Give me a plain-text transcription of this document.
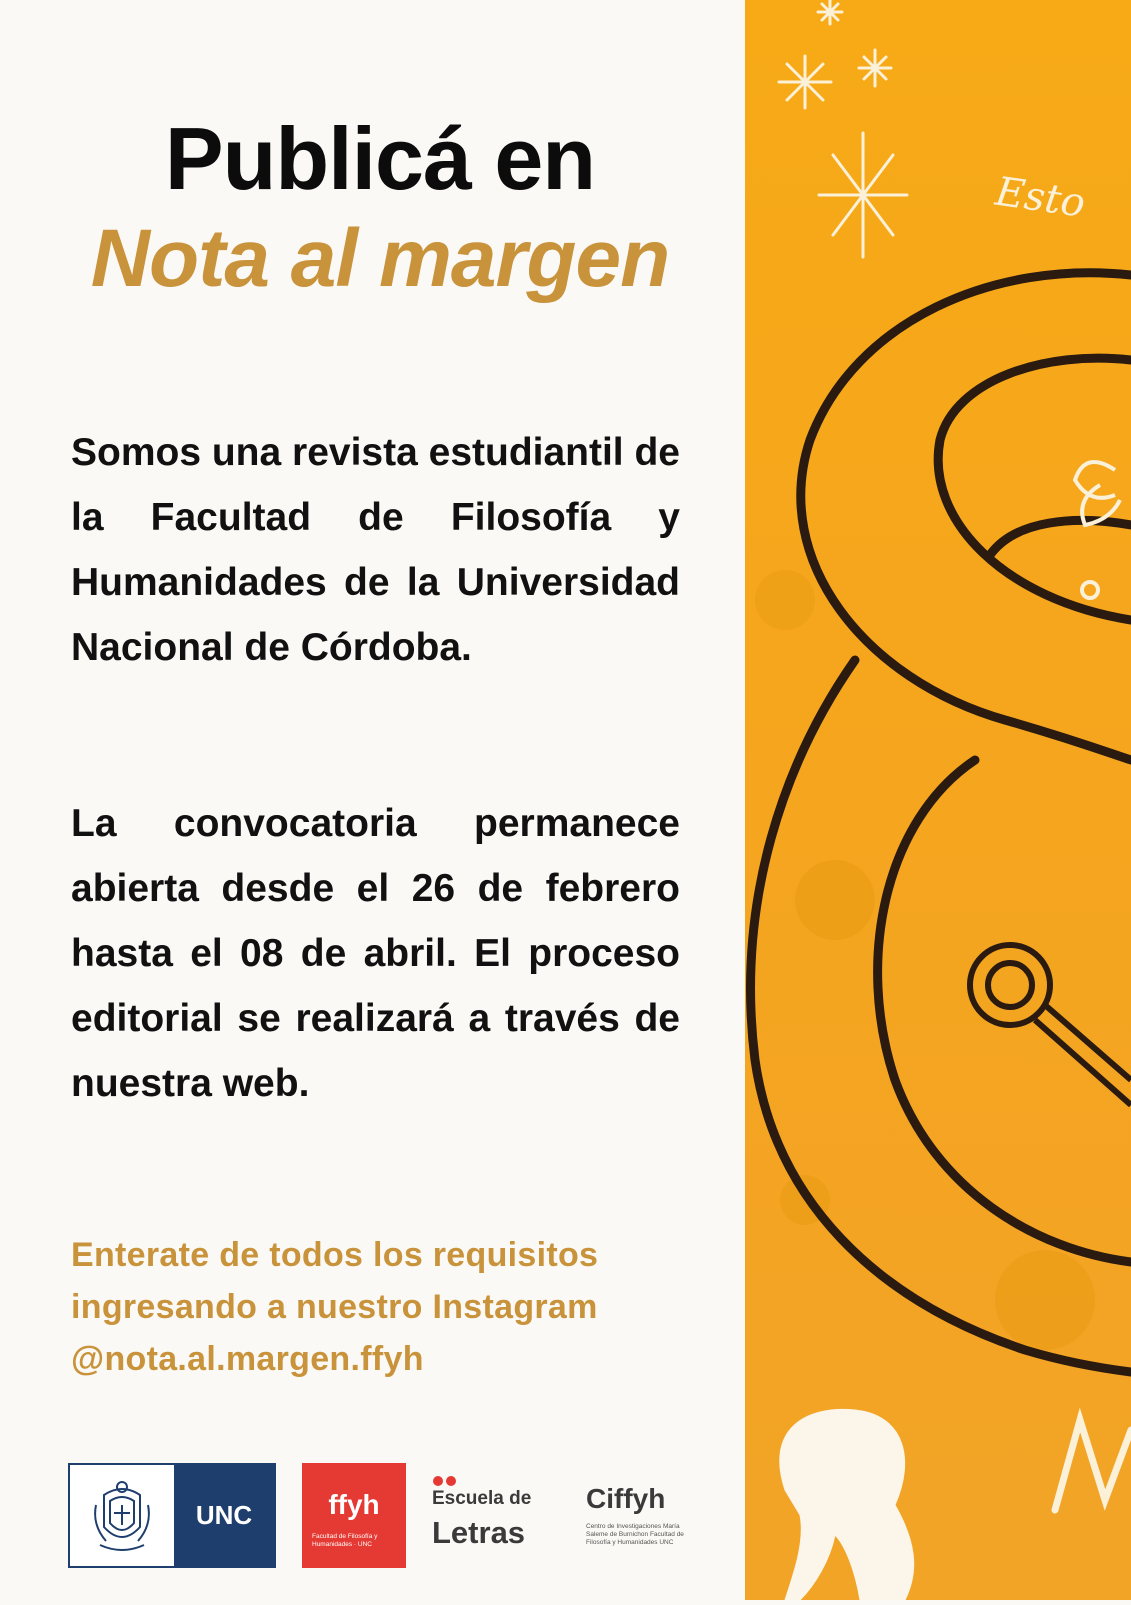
Publicá en
Nota al margen
Somos una revista estudiantil de la Facultad de Filosofía y Humanidades de la Universidad Nacional de Córdoba.
La convocatoria permanece abierta desde el 26 de febrero hasta el 08 de abril. El proceso editorial se realizará a través de nuestra web.
Enterate de todos los requisitos
ingresando a nuestro Instagram
@nota.al.margen.ffyh
UNC	ffyh
Facultad de Filosofía y Humanidades · UNC
Escuela de
Letras
Ciffyh
Centro de Investigaciones María Saleme de Burnichon Facultad de Filosofía y Humanidades UNC
Esto
